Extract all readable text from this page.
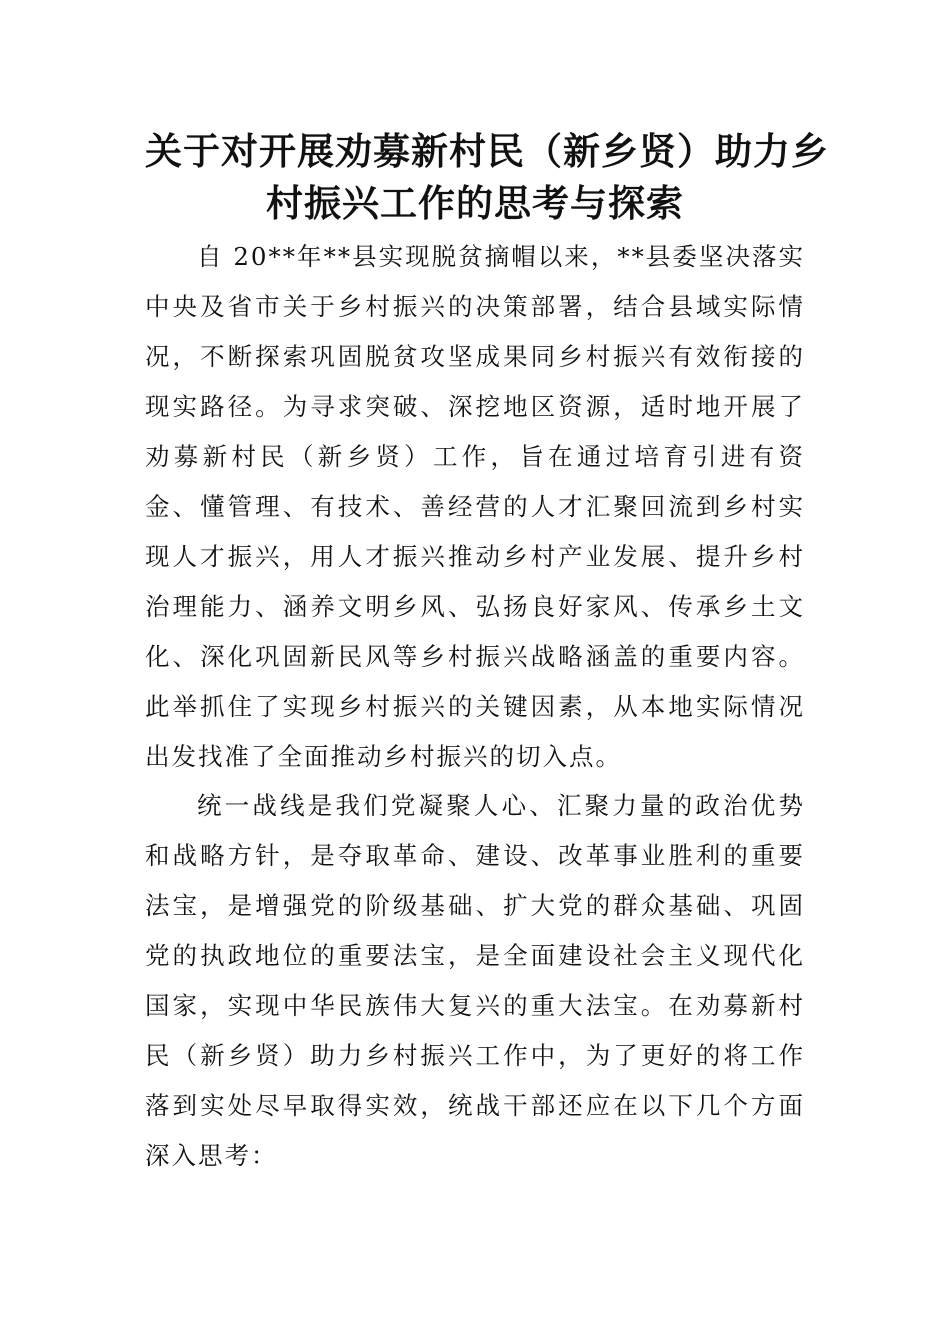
关于对开展劝募新村民（新乡贤）助力乡
村振兴工作的思考与探索

自 20**年**县实现脱贫摘帽以来，**县委坚决落实中央及省市关于乡村振兴的决策部署，结合县域实际情况，不断探索巩固脱贫攻坚成果同乡村振兴有效衔接的现实路径。为寻求突破、深挖地区资源，适时地开展了劝募新村民（新乡贤）工作，旨在通过培育引进有资金、懂管理、有技术、善经营的人才汇聚回流到乡村实现人才振兴，用人才振兴推动乡村产业发展、提升乡村治理能力、涵养文明乡风、弘扬良好家风、传承乡土文化、深化巩固新民风等乡村振兴战略涵盖的重要内容。此举抓住了实现乡村振兴的关键因素，从本地实际情况出发找准了全面推动乡村振兴的切入点。

统一战线是我们党凝聚人心、汇聚力量的政治优势和战略方针，是夺取革命、建设、改革事业胜利的重要法宝，是增强党的阶级基础、扩大党的群众基础、巩固党的执政地位的重要法宝，是全面建设社会主义现代化国家，实现中华民族伟大复兴的重大法宝。在劝募新村民（新乡贤）助力乡村振兴工作中，为了更好的将工作落到实处尽早取得实效，统战干部还应在以下几个方面深入思考：
